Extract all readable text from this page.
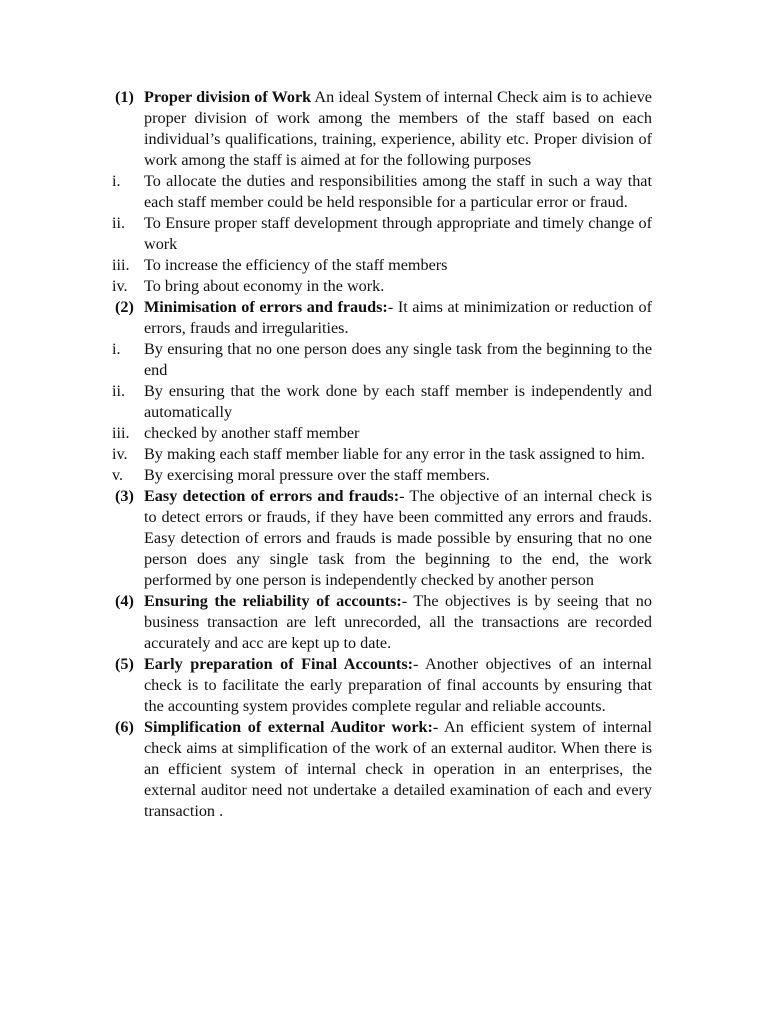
(1) Proper division of Work An ideal System of internal Check aim is to achieve proper division of work among the members of the staff based on each individual’s qualifications, training, experience, ability etc. Proper division of work among the staff is aimed at for the following purposes
i.	To allocate the duties and responsibilities among the staff in such a way that each staff member could be held responsible for a particular error or fraud.
ii.	To Ensure proper staff development through appropriate and timely change of work
iii. To increase the efficiency of the staff members
iv.	To bring about economy in the work.
(2) Minimisation of errors and frauds:- It aims at minimization or reduction of errors, frauds and irregularities.
i.	By ensuring that no one person does any single task from the beginning to the end
ii.	By ensuring that the work done by each staff member is independently and automatically
iii. checked by another staff member
iv.	By making each staff member liable for any error in the task assigned to him.
v.	By exercising moral pressure over the staff members.
(3) Easy detection of errors and frauds:- The objective of an internal check is to detect errors or frauds, if they have been committed any errors and frauds. Easy detection of errors and frauds is made possible by ensuring that no one person does any single task from the beginning to the end, the work performed by one person is independently checked by another person
(4) Ensuring the reliability of accounts:- The objectives is by seeing that no business transaction are left unrecorded, all the transactions are recorded accurately and acc are kept up to date.
(5) Early preparation of Final Accounts:- Another objectives of an internal check is to facilitate the early preparation of final accounts by ensuring that the accounting system provides complete regular and reliable accounts.
(6) Simplification of external Auditor work:- An efficient system of internal check aims at simplification of the work of an external auditor. When there is an efficient system of internal check in operation in an enterprises, the external auditor need not undertake a detailed examination of each and every transaction .
